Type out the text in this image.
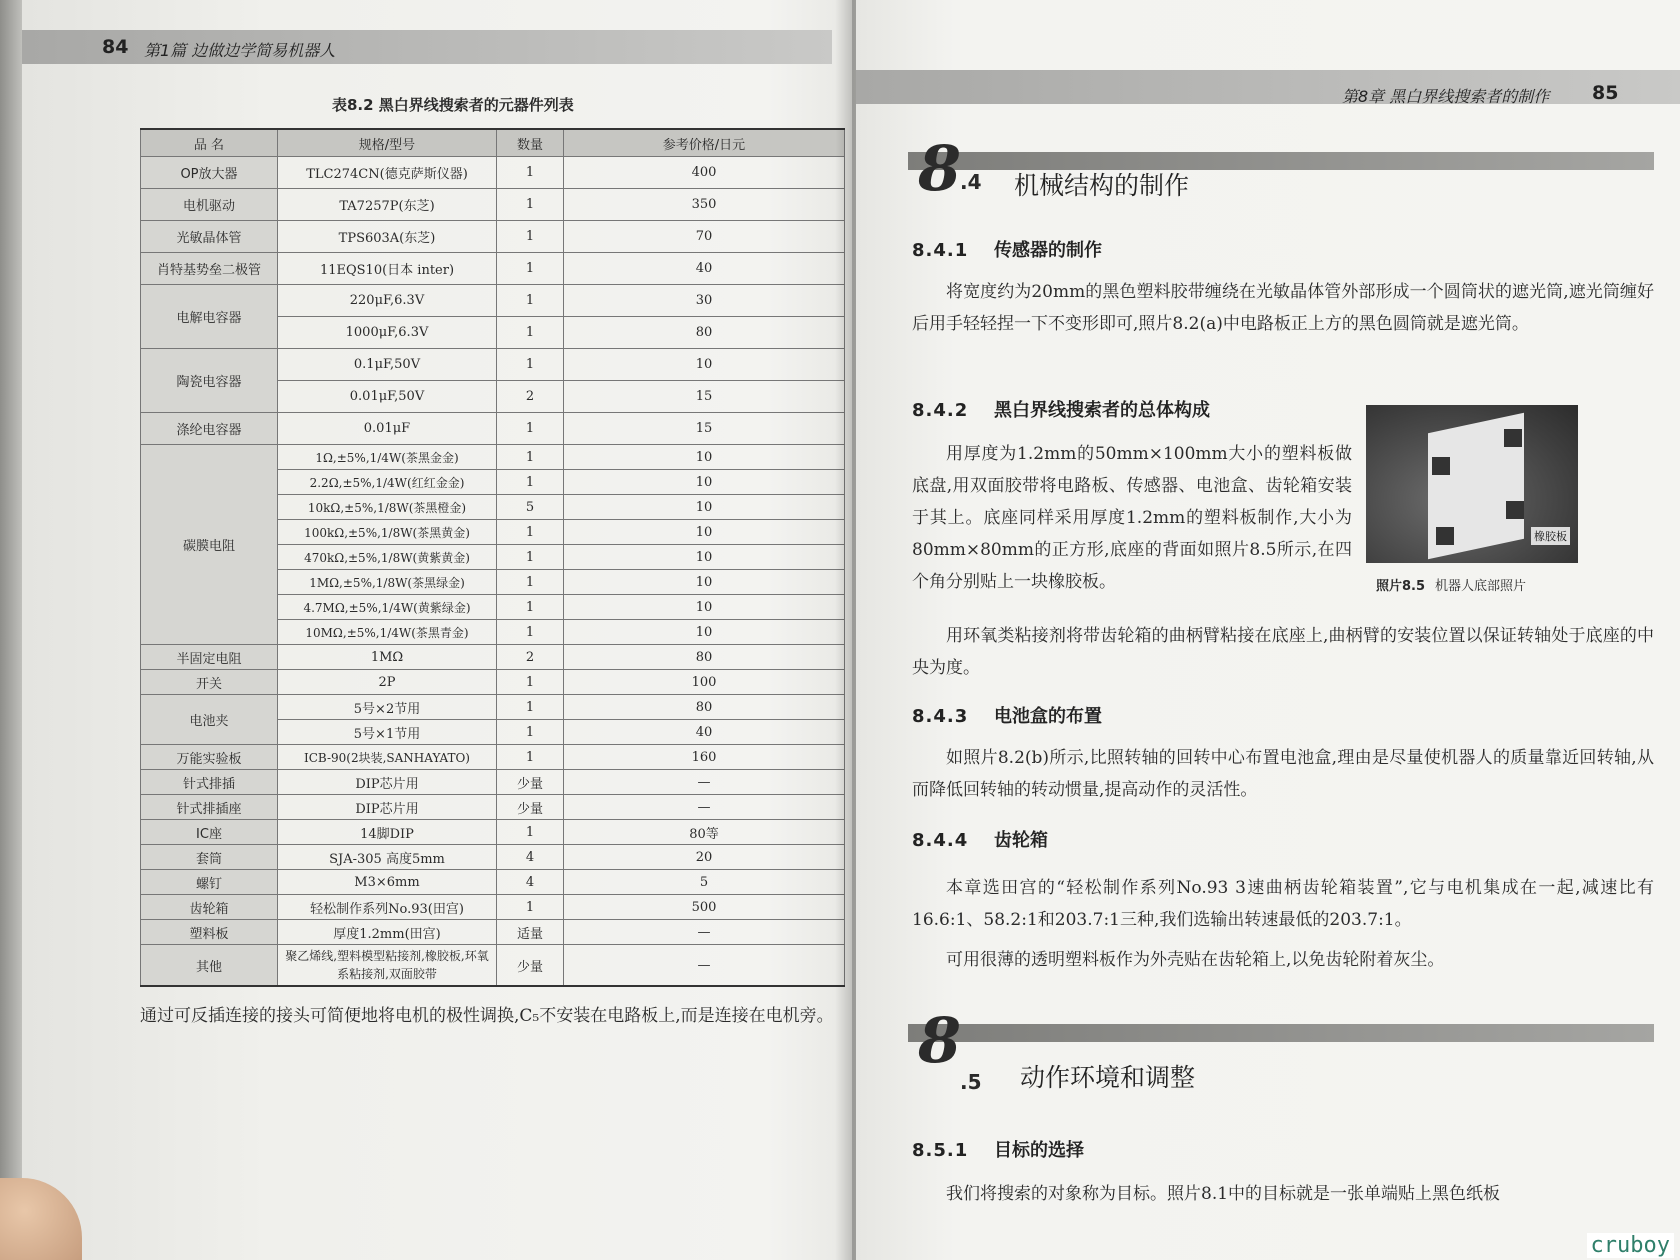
84 第1篇 边做边学简易机器人
表8.2 黑白界线搜索者的元器件列表
品 名	规格/型号	数量	参考价格/日元
OP放大器	TLC274CN(德克萨斯仪器)	1	400
电机驱动	TA7257P(东芝)	1	350
光敏晶体管	TPS603A(东芝)	1	70
肖特基势垒二极管	11EQS10(日本 inter)	1	40
电解电容器	220μF,6.3V	1	30
	1000μF,6.3V	1	80
陶瓷电容器	0.1μF,50V	1	10
	0.01μF,50V	2	15
涤纶电容器	0.01μF	1	15
碳膜电阻	1Ω,±5%,1/4W(茶黑金金)	1	10
	2.2Ω,±5%,1/4W(红红金金)	1	10
	10kΩ,±5%,1/8W(茶黑橙金)	5	10
	100kΩ,±5%,1/8W(茶黑黄金)	1	10
	470kΩ,±5%,1/8W(黄紫黄金)	1	10
	1MΩ,±5%,1/8W(茶黑绿金)	1	10
	4.7MΩ,±5%,1/4W(黄紫绿金)	1	10
	10MΩ,±5%,1/4W(茶黑青金)	1	10
半固定电阻	1MΩ	2	80
开关	2P	1	100
电池夹	5号×2节用	1	80
	5号×1节用	1	40
万能实验板	ICB-90(2块装,SANHAYATO)	1	160
针式排插	DIP芯片用	少量	—
针式排插座	DIP芯片用	少量	—
IC座	14脚DIP	1	80等
套筒	SJA-305 高度5mm	4	20
螺钉	M3×6mm	4	5
齿轮箱	轻松制作系列No.93(田宫)	1	500
塑料板	厚度1.2mm(田宫)	适量	—
其他	聚乙烯线,塑料模型粘接剂,橡胶板,环氧系粘接剂,双面胶带	少量	—
通过可反插连接的接头可简便地将电机的极性调换,C₅不安装在电路板上,而是连接在电机旁。
第8章 黑白界线搜索者的制作 85
8
.4 机械结构的制作
8.4.1 传感器的制作
将宽度约为20mm的黑色塑料胶带缠绕在光敏晶体管外部形成一个圆筒状的遮光筒,遮光筒缠好后用手轻轻捏一下不变形即可,照片8.2(a)中电路板正上方的黑色圆筒就是遮光筒。
8.4.2 黑白界线搜索者的总体构成
用厚度为1.2mm的50mm×100mm大小的塑料板做底盘,用双面胶带将电路板、传感器、电池盒、齿轮箱安装于其上。底座同样采用厚度1.2mm的塑料板制作,大小为80mm×80mm的正方形,底座的背面如照片8.5所示,在四个角分别贴上一块橡胶板。
橡胶板
照片8.5 机器人底部照片
用环氧类粘接剂将带齿轮箱的曲柄臂粘接在底座上,曲柄臂的安装位置以保证转轴处于底座的中央为度。
8.4.3 电池盒的布置
如照片8.2(b)所示,比照转轴的回转中心布置电池盒,理由是尽量使机器人的质量靠近回转轴,从而降低回转轴的转动惯量,提高动作的灵活性。
8.4.4 齿轮箱
本章选田宫的“轻松制作系列No.93 3速曲柄齿轮箱装置”,它与电机集成在一起,减速比有16.6:1、58.2:1和203.7:1三种,我们选输出转速最低的203.7:1。
可用很薄的透明塑料板作为外壳贴在齿轮箱上,以免齿轮附着灰尘。
8
.5 动作环境和调整
8.5.1 目标的选择
我们将搜索的对象称为目标。照片8.1中的目标就是一张单端贴上黑色纸板
cruboy
